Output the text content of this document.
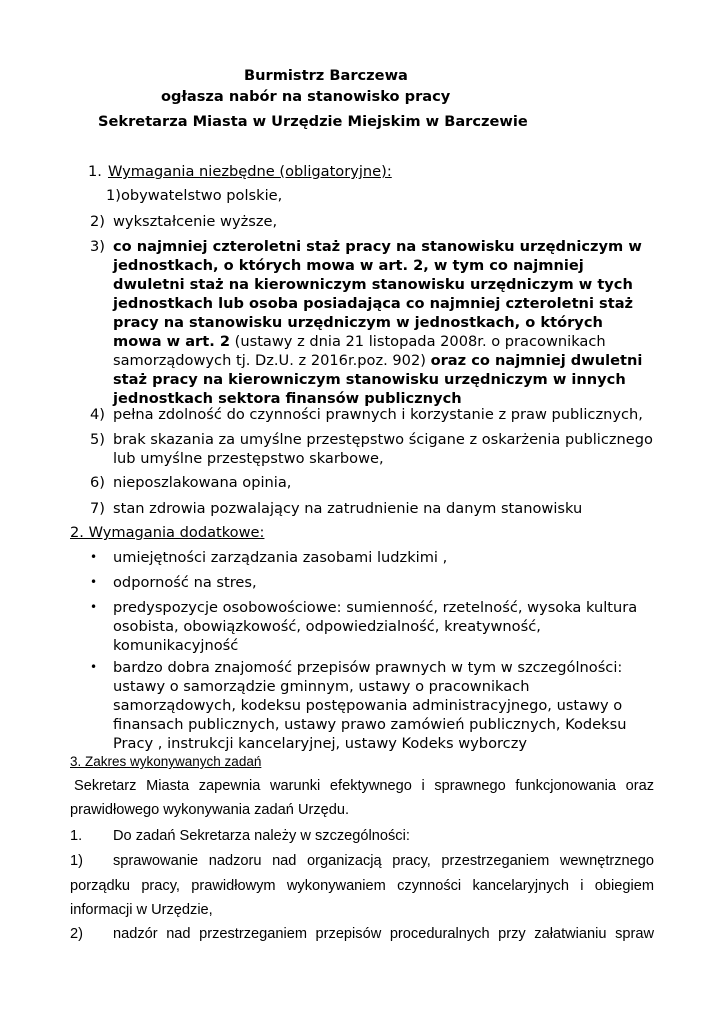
Burmistrz Barczewa
ogłasza nabór na stanowisko pracy
Sekretarza Miasta w Urzędzie Miejskim w Barczewie
1. Wymagania niezbędne (obligatoryjne):
1)obywatelstwo polskie,
2) wykształcenie wyższe,
3) co najmniej czteroletni staż pracy na stanowisku urzędniczym w
jednostkach, o których mowa w art. 2, w tym co najmniej
dwuletni staż na kierowniczym stanowisku urzędniczym w tych
jednostkach lub osoba posiadająca co najmniej czteroletni staż
pracy na stanowisku urzędniczym w jednostkach, o których
mowa w art. 2 (ustawy z dnia 21 listopada 2008r. o pracownikach
samorządowych tj. Dz.U. z 2016r.poz. 902) oraz co najmniej dwuletni
staż pracy na kierowniczym stanowisku urzędniczym w innych
jednostkach sektora finansów publicznych
4) pełna zdolność do czynności prawnych i korzystanie z praw publicznych,
5) brak skazania za umyślne przestępstwo ścigane z oskarżenia publicznego
lub umyślne przestępstwo skarbowe,
6) nieposzlakowana opinia,
7) stan zdrowia pozwalający na zatrudnienie na danym stanowisku
2. Wymagania dodatkowe:
• umiejętności zarządzania zasobami ludzkimi ,
• odporność na stres,
• predyspozycje osobowościowe: sumienność, rzetelność, wysoka kultura
osobista, obowiązkowość, odpowiedzialność, kreatywność,
komunikacyjność
• bardzo dobra znajomość przepisów prawnych w tym w szczególności:
ustawy o samorządzie gminnym, ustawy o pracownikach
samorządowych, kodeksu postępowania administracyjnego, ustawy o
finansach publicznych, ustawy prawo zamówień publicznych, Kodeksu
Pracy , instrukcji kancelaryjnej, ustawy Kodeks wyborczy
3. Zakres wykonywanych zadań
Sekretarz Miasta zapewnia warunki efektywnego i sprawnego funkcjonowania oraz
prawidłowego wykonywania zadań Urzędu.
1. Do zadań Sekretarza należy w szczególności:
1) sprawowanie nadzoru nad organizacją pracy, przestrzeganiem wewnętrznego
porządku pracy, prawidłowym wykonywaniem czynności kancelaryjnych i obiegiem
informacji w Urzędzie,
2) nadzór nad przestrzeganiem przepisów proceduralnych przy załatwianiu spraw
